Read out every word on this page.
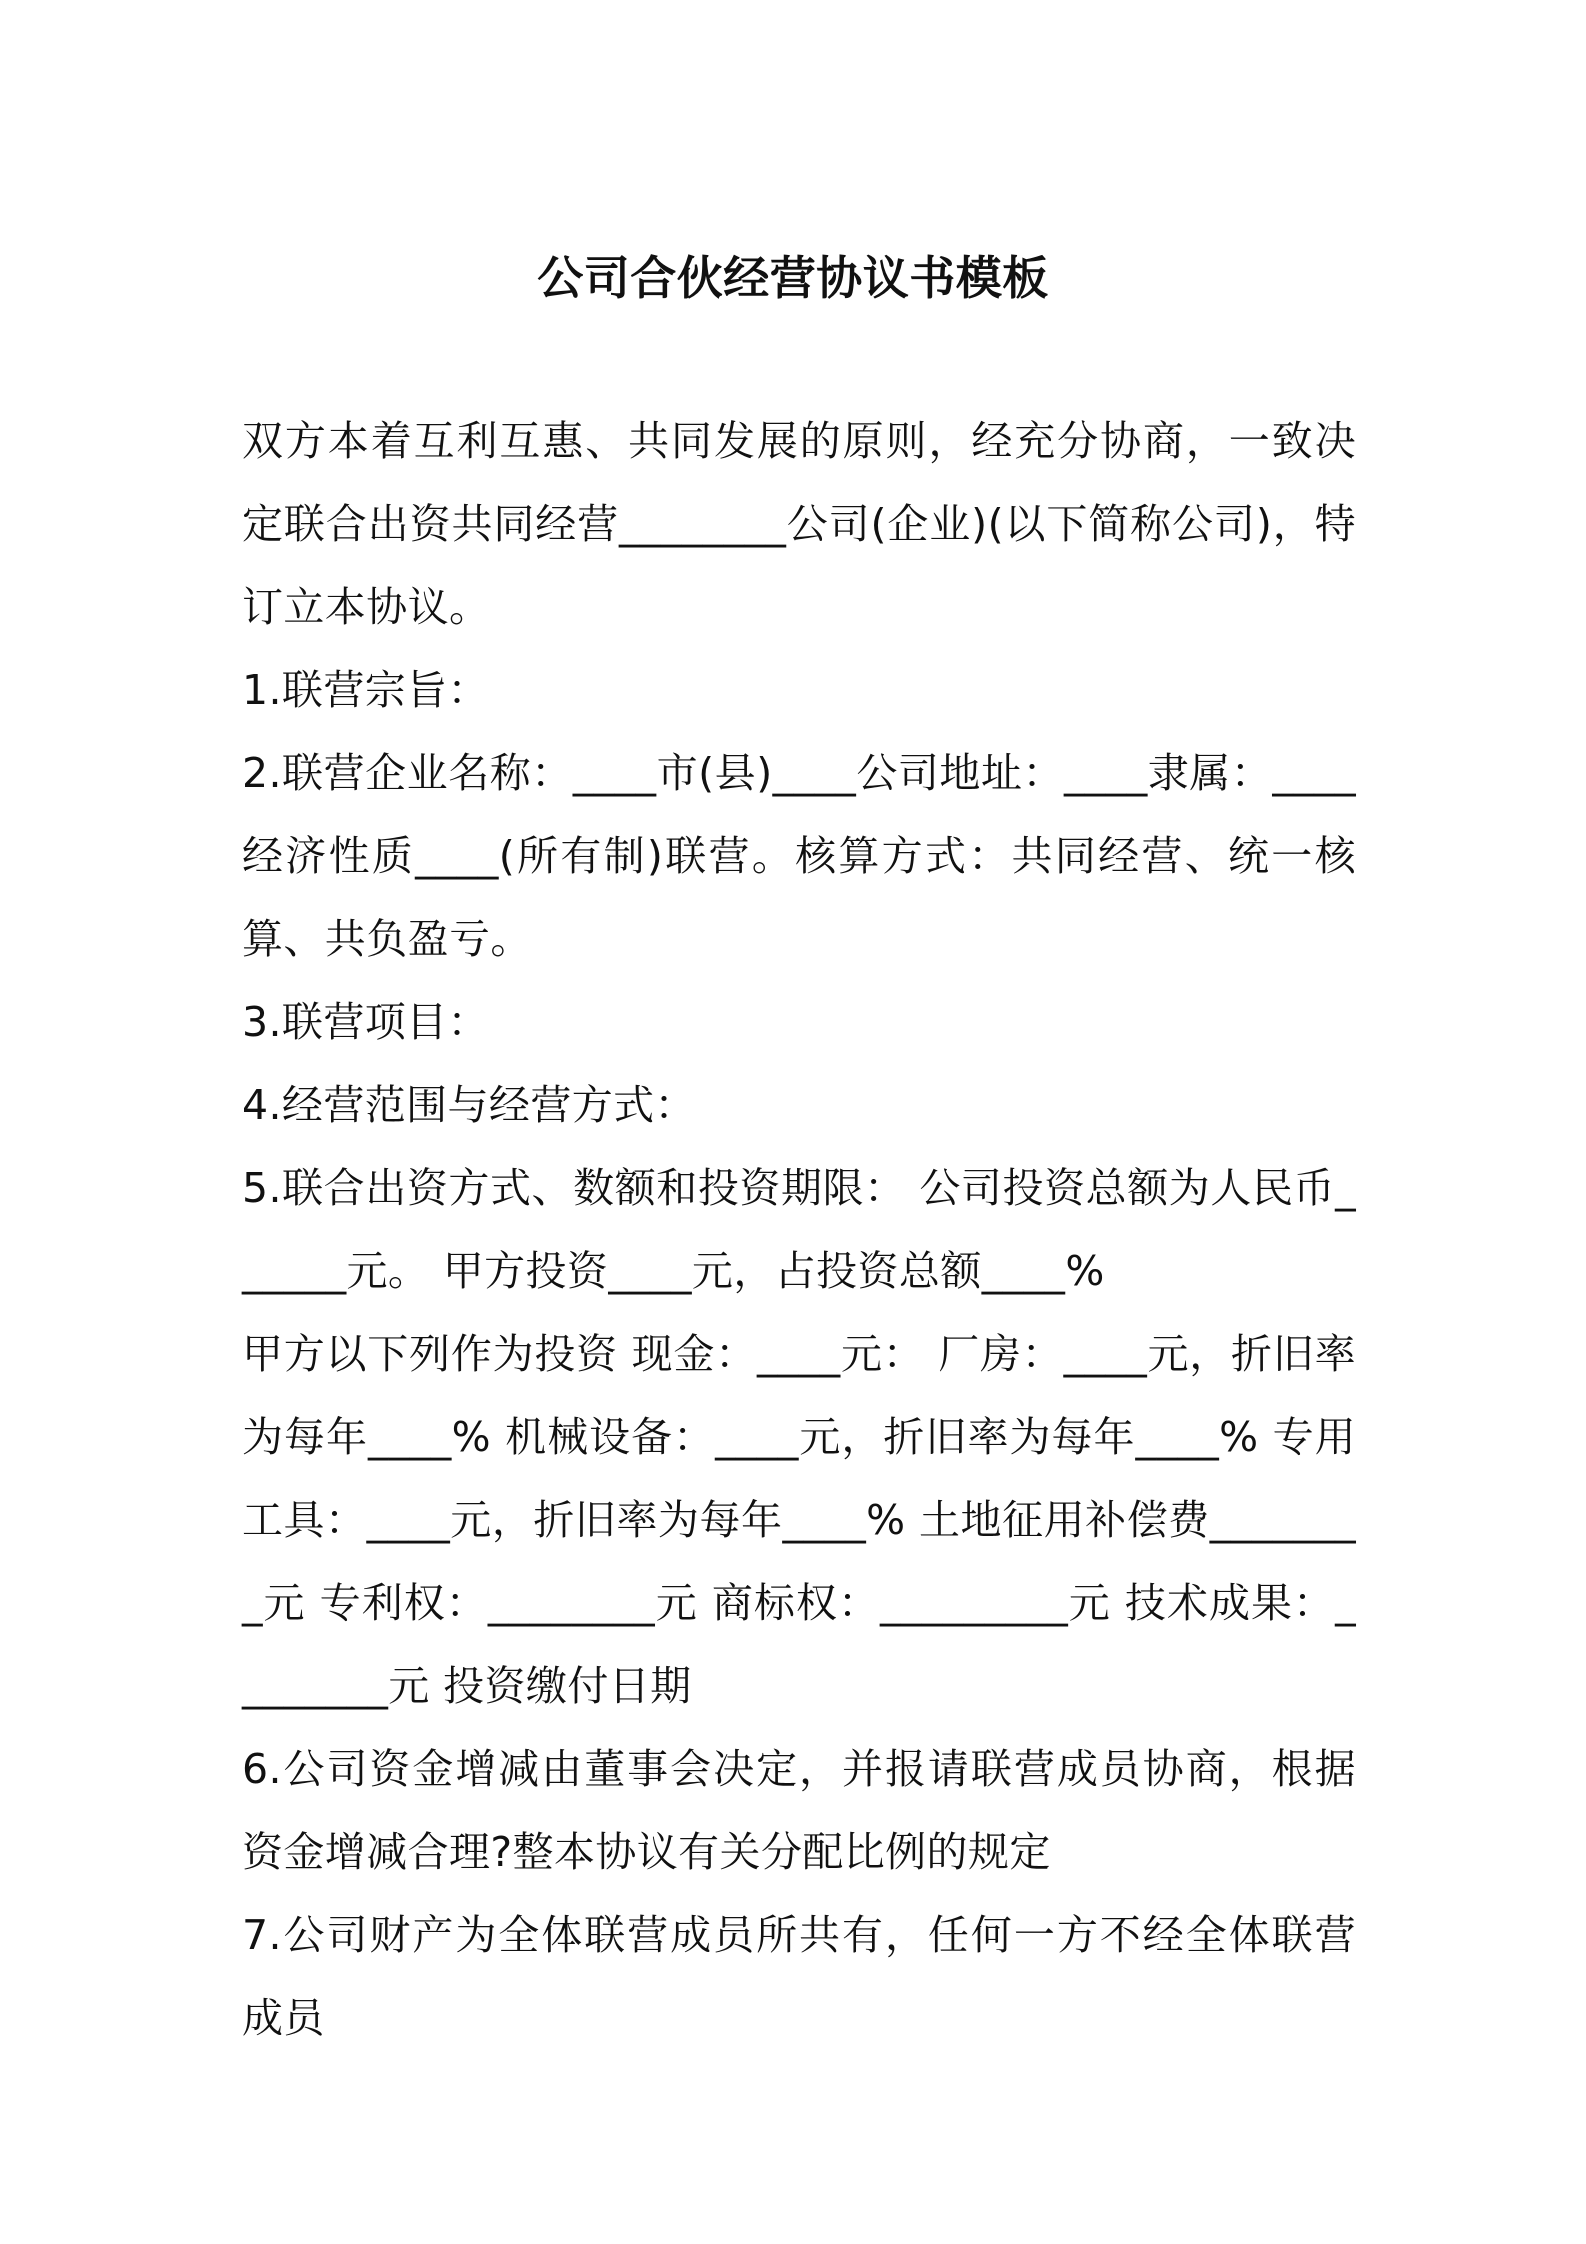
公司合伙经营协议书模板

双方本着互利互惠、共同发展的原则，经充分协商，一致决定联合出资共同经营________公司(企业)(以下简称公司)，特订立本协议。

1.联营宗旨：

2.联营企业名称：____市(县)____公司地址：____隶属：____经济性质____(所有制)联营。核算方式：共同经营、统一核算、共负盈亏。

3.联营项目：

4.经营范围与经营方式：

5.联合出资方式、数额和投资期限： 公司投资总额为人民币______元。 甲方投资____元，占投资总额____%

甲方以下列作为投资 现金：____元： 厂房：____元，折旧率为每年____% 机械设备：____元，折旧率为每年____% 专用工具：____元，折旧率为每年____% 土地征用补偿费________元 专利权：________元 商标权：_________元 技术成果：________元 投资缴付日期

6.公司资金增减由董事会决定，并报请联营成员协商，根据资金增减合理?整本协议有关分配比例的规定

7.公司财产为全体联营成员所共有，任何一方不经全体联营成员
